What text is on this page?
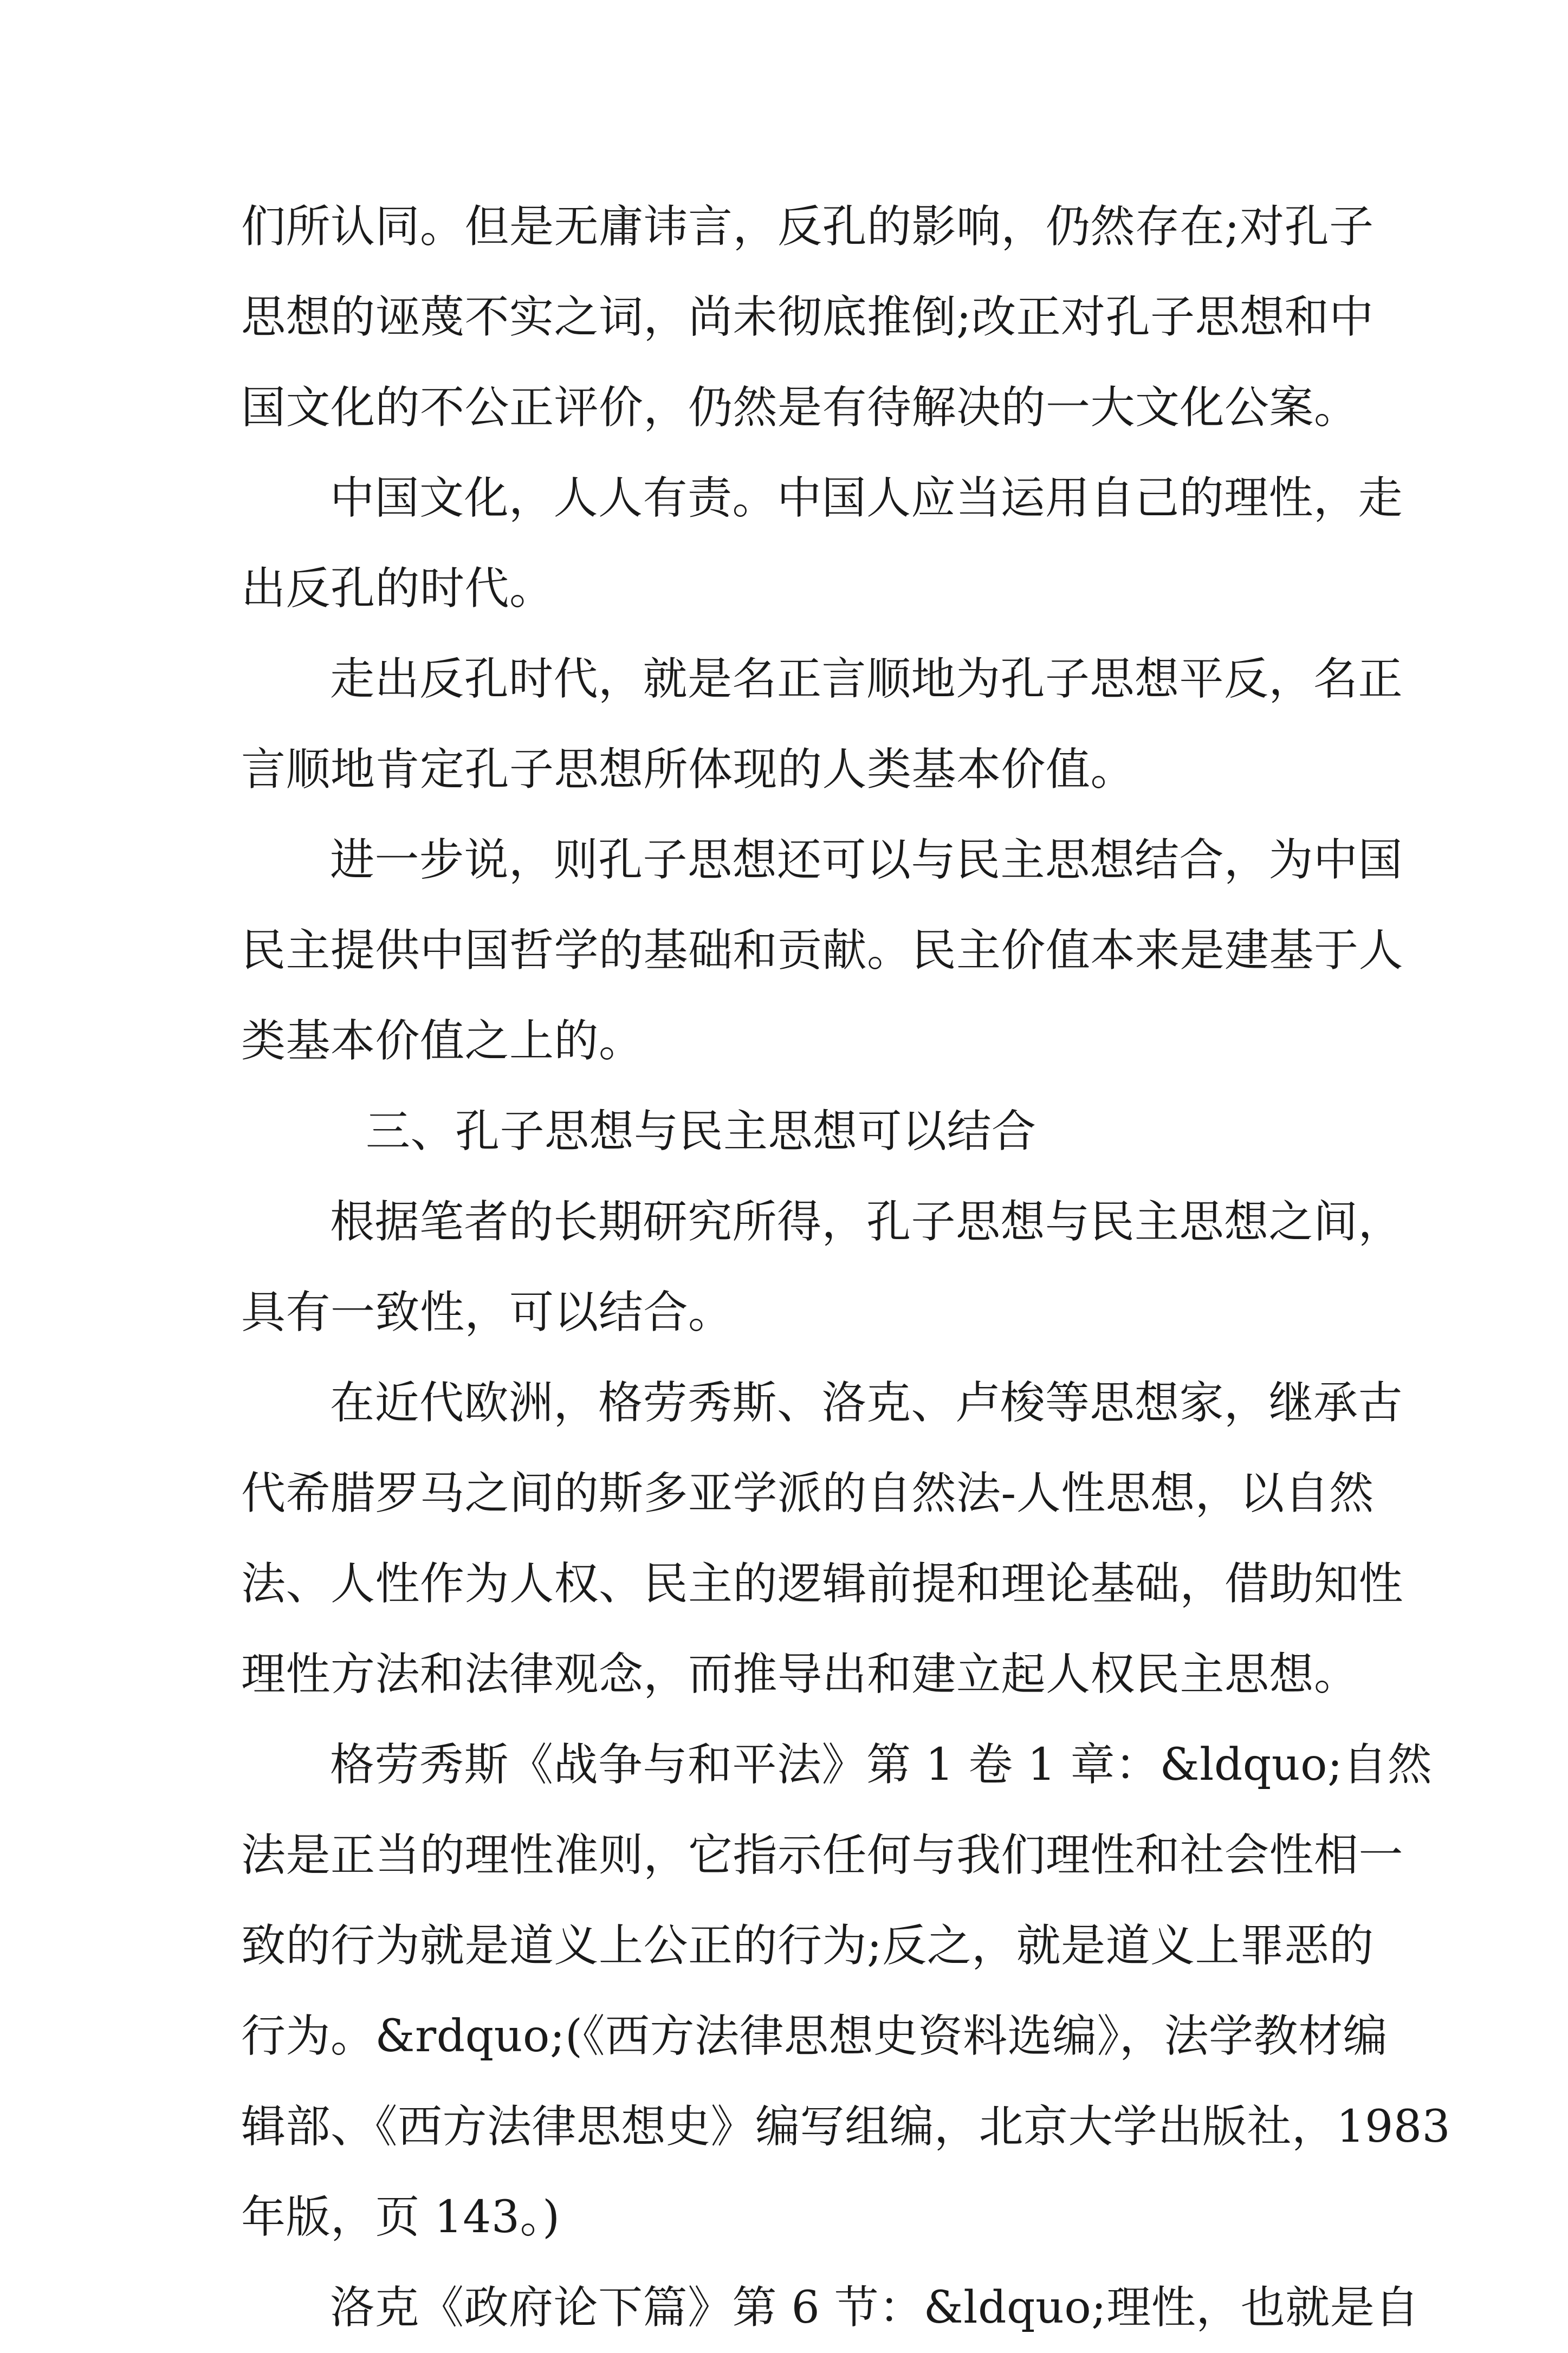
们所认同。但是无庸讳言，反孔的影响，仍然存在;对孔子
思想的诬蔑不实之词，尚未彻底推倒;改正对孔子思想和中
国文化的不公正评价，仍然是有待解决的一大文化公案。
中国文化，人人有责。中国人应当运用自己的理性，走
出反孔的时代。
走出反孔时代，就是名正言顺地为孔子思想平反，名正
言顺地肯定孔子思想所体现的人类基本价值。
进一步说，则孔子思想还可以与民主思想结合，为中国
民主提供中国哲学的基础和贡献。民主价值本来是建基于人
类基本价值之上的。
三、孔子思想与民主思想可以结合
根据笔者的长期研究所得，孔子思想与民主思想之间，
具有一致性，可以结合。
在近代欧洲，格劳秀斯、洛克、卢梭等思想家，继承古
代希腊罗马之间的斯多亚学派的自然法-人性思想，以自然
法、人性作为人权、民主的逻辑前提和理论基础，借助知性
理性方法和法律观念，而推导出和建立起人权民主思想。
格劳秀斯《战争与和平法》第 1 卷 1 章：&ldquo;自然
法是正当的理性准则，它指示任何与我们理性和社会性相一
致的行为就是道义上公正的行为;反之，就是道义上罪恶的
行为。&rdquo;(《西方法律思想史资料选编》，法学教材编
辑部、《西方法律思想史》编写组编，北京大学出版社，1983
年版，页 143。)
洛克《政府论下篇》第 6 节：&ldquo;理性，也就是自
